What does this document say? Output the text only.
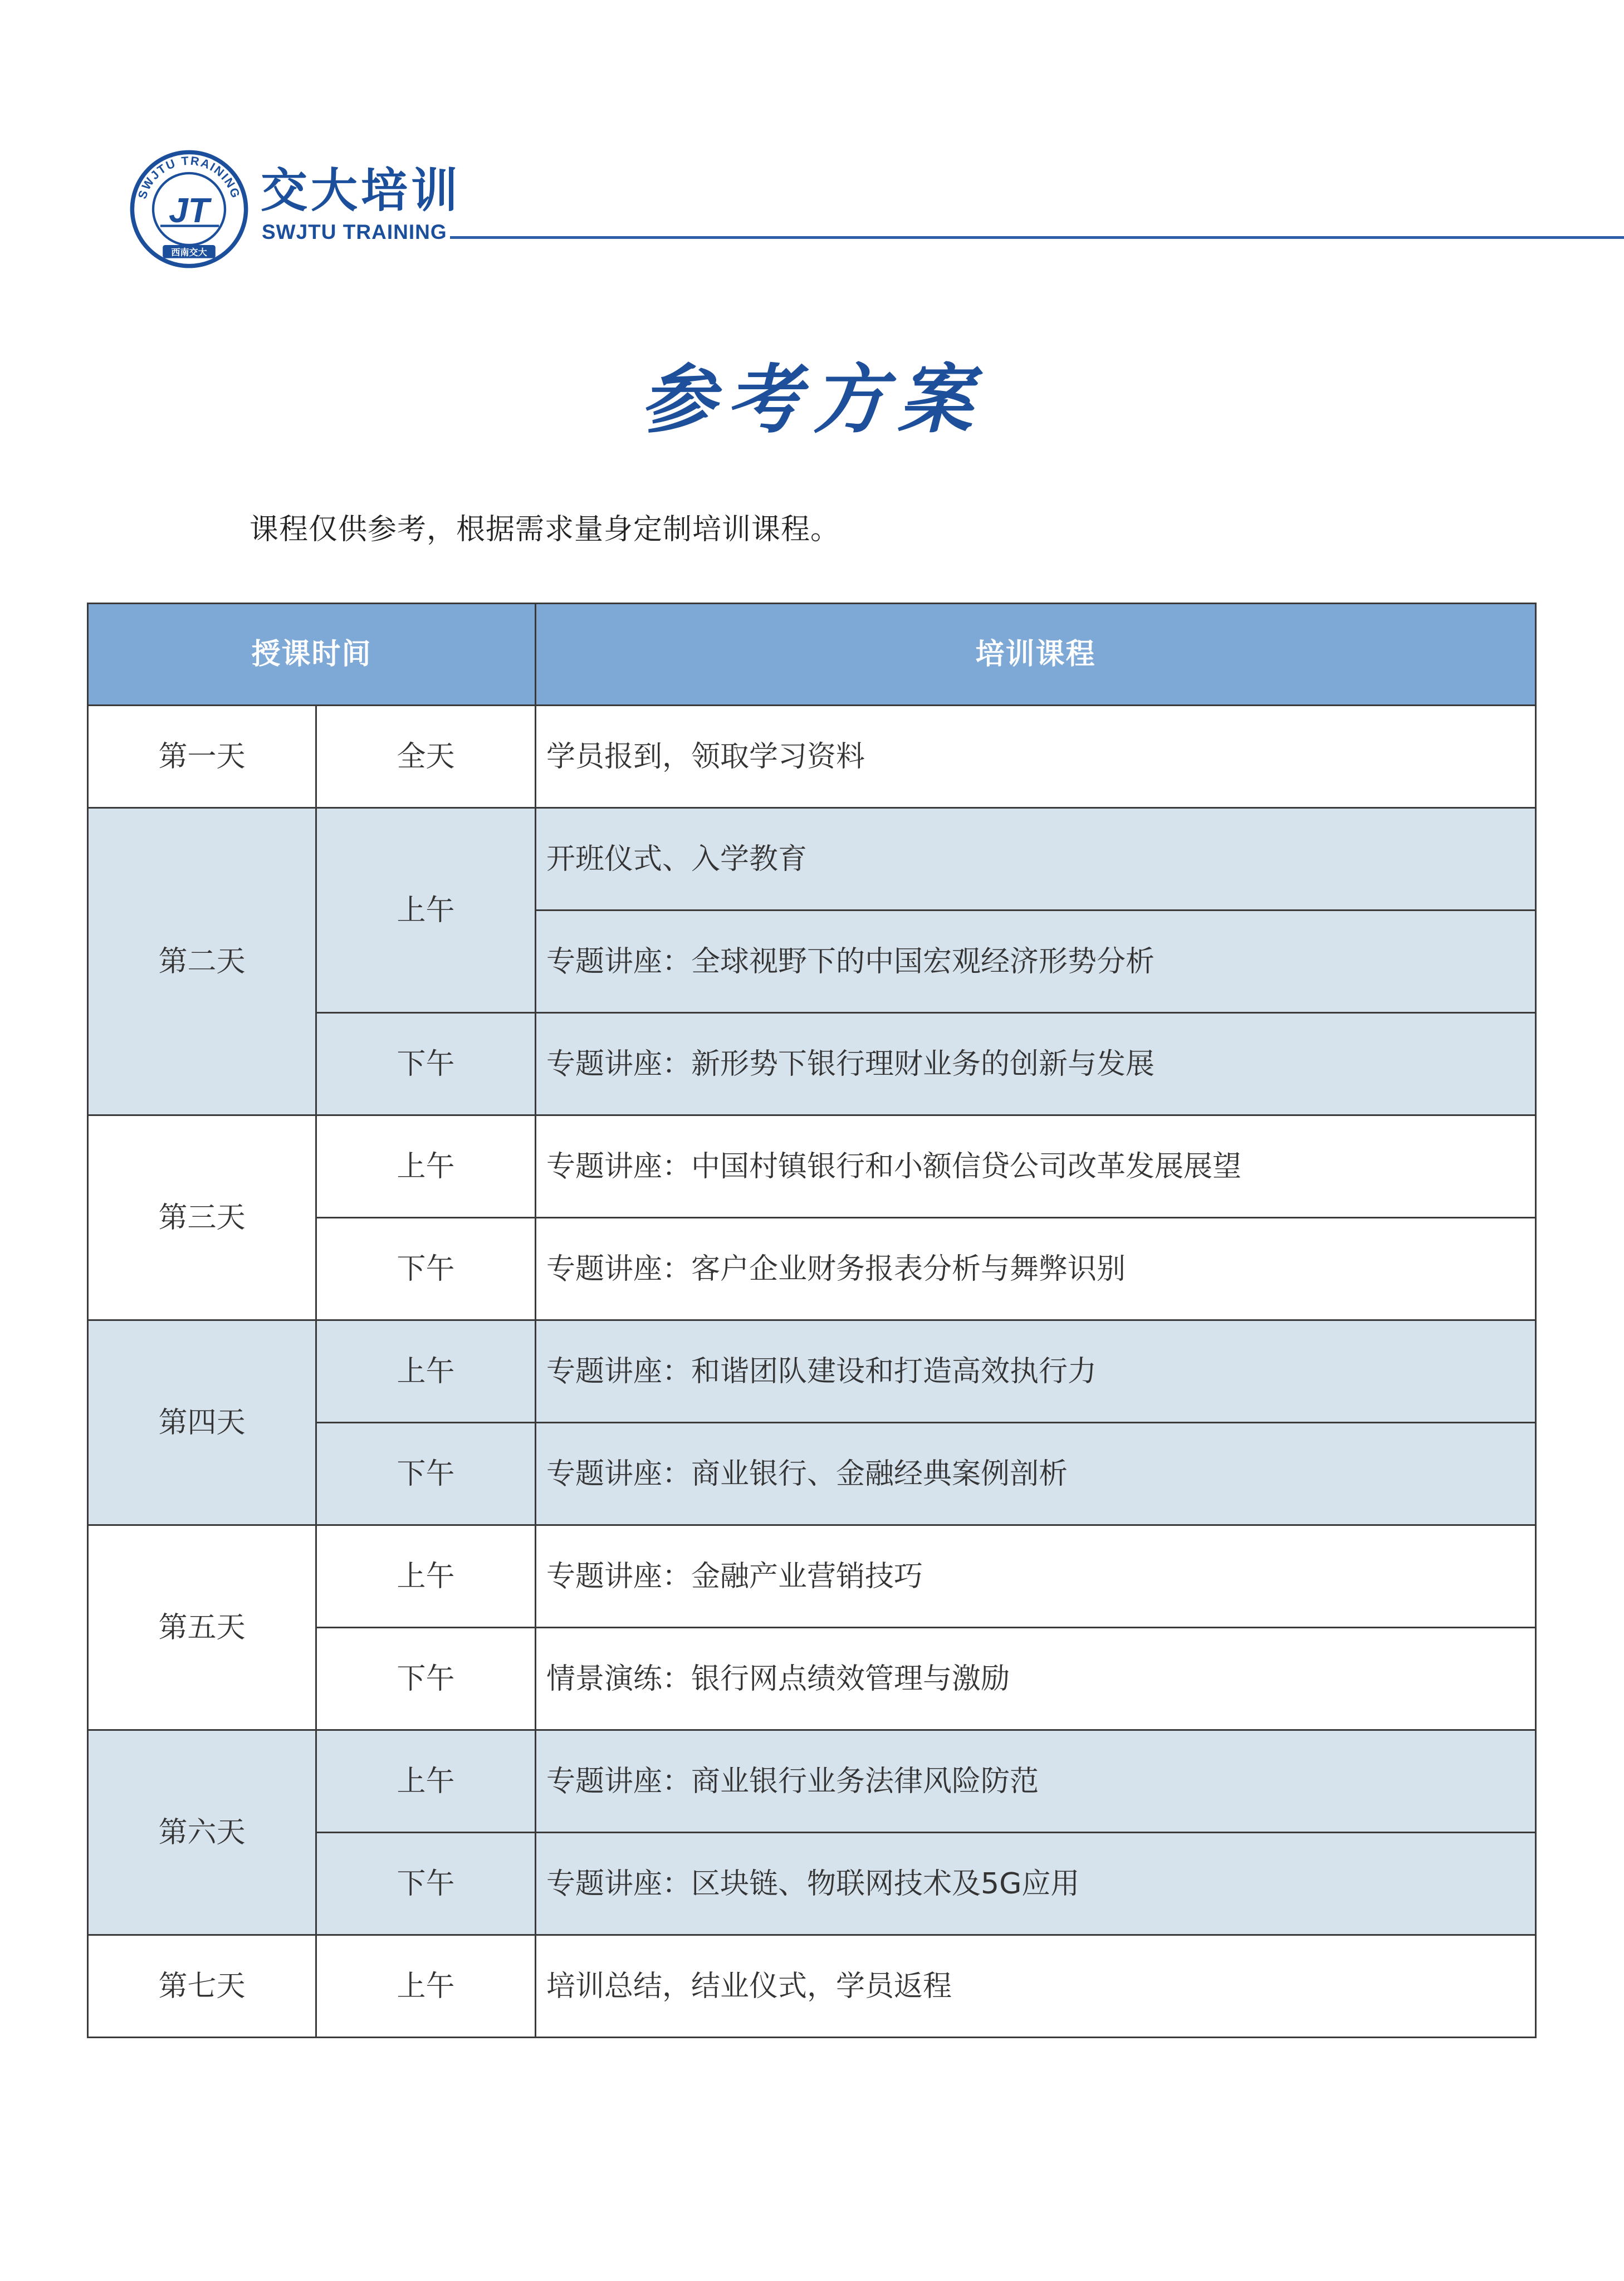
SWJTU TRAINING
西南交大
JT 交大培训
SWJTU TRAINING
参考方案
课程仅供参考，根据需求量身定制培训课程。
授课时间		培训课程
第一天	全天	学员报到，领取学习资料
第二天	上午	开班仪式、入学教育
		专题讲座：全球视野下的中国宏观经济形势分析
	下午	专题讲座：新形势下银行理财业务的创新与发展
第三天	上午	专题讲座：中国村镇银行和小额信贷公司改革发展展望
	下午	专题讲座：客户企业财务报表分析与舞弊识别
第四天	上午	专题讲座：和谐团队建设和打造高效执行力
	下午	专题讲座：商业银行、金融经典案例剖析
第五天	上午	专题讲座：金融产业营销技巧
	下午	情景演练：银行网点绩效管理与激励
第六天	上午	专题讲座：商业银行业务法律风险防范
	下午	专题讲座：区块链、物联网技术及5G应用
第七天	上午	培训总结，结业仪式，学员返程
